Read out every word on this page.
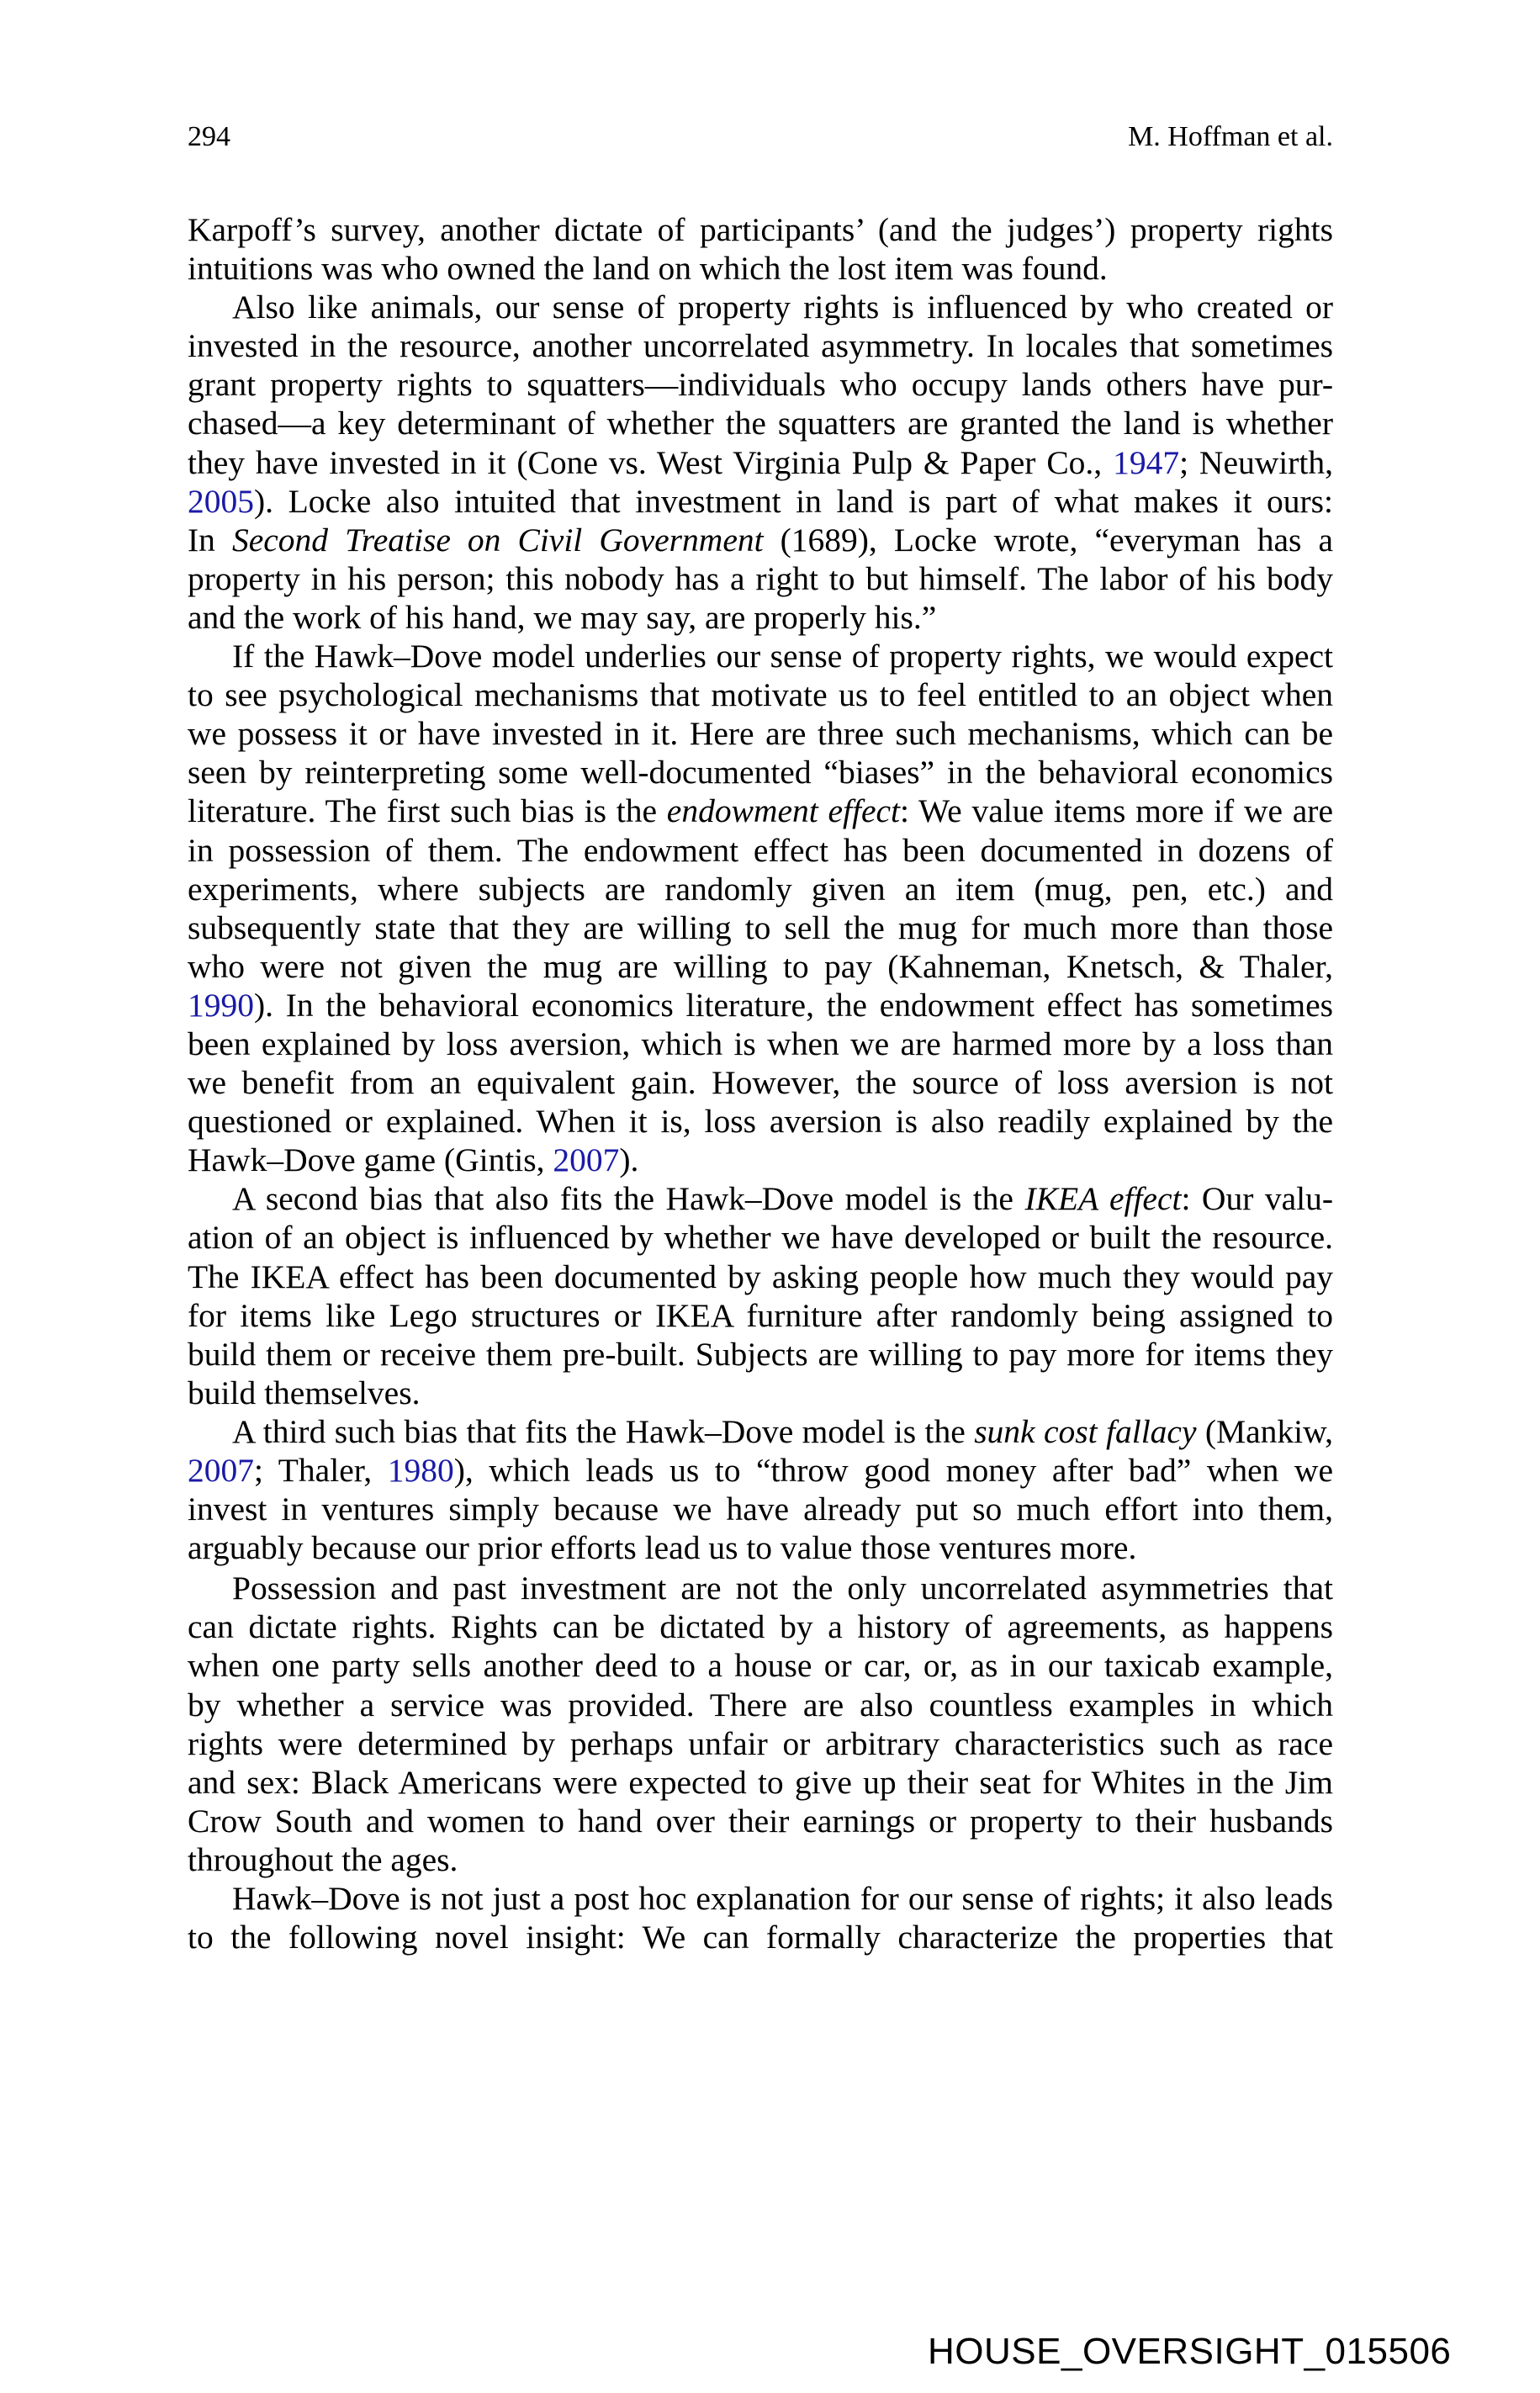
294	M. Hoffman et al.
Karpoff’s survey, another dictate of participants’ (and the judges’) property rights
intuitions was who owned the land on which the lost item was found.
Also like animals, our sense of property rights is influenced by who created or
invested in the resource, another uncorrelated asymmetry. In locales that sometimes
grant property rights to squatters—individuals who occupy lands others have pur-
chased—a key determinant of whether the squatters are granted the land is whether
they have invested in it (Cone vs. West Virginia Pulp & Paper Co., 1947; Neuwirth,
2005). Locke also intuited that investment in land is part of what makes it ours:
In Second Treatise on Civil Government (1689), Locke wrote, “everyman has a
property in his person; this nobody has a right to but himself. The labor of his body
and the work of his hand, we may say, are properly his.”
If the Hawk–Dove model underlies our sense of property rights, we would expect
to see psychological mechanisms that motivate us to feel entitled to an object when
we possess it or have invested in it. Here are three such mechanisms, which can be
seen by reinterpreting some well-documented “biases” in the behavioral economics
literature. The first such bias is the endowment effect: We value items more if we are
in possession of them. The endowment effect has been documented in dozens of
experiments, where subjects are randomly given an item (mug, pen, etc.) and
subsequently state that they are willing to sell the mug for much more than those
who were not given the mug are willing to pay (Kahneman, Knetsch, & Thaler,
1990). In the behavioral economics literature, the endowment effect has sometimes
been explained by loss aversion, which is when we are harmed more by a loss than
we benefit from an equivalent gain. However, the source of loss aversion is not
questioned or explained. When it is, loss aversion is also readily explained by the
Hawk–Dove game (Gintis, 2007).
A second bias that also fits the Hawk–Dove model is the IKEA effect: Our valu-
ation of an object is influenced by whether we have developed or built the resource.
The IKEA effect has been documented by asking people how much they would pay
for items like Lego structures or IKEA furniture after randomly being assigned to
build them or receive them pre-built. Subjects are willing to pay more for items they
build themselves.
A third such bias that fits the Hawk–Dove model is the sunk cost fallacy (Mankiw,
2007; Thaler, 1980), which leads us to “throw good money after bad” when we
invest in ventures simply because we have already put so much effort into them,
arguably because our prior efforts lead us to value those ventures more.
Possession and past investment are not the only uncorrelated asymmetries that
can dictate rights. Rights can be dictated by a history of agreements, as happens
when one party sells another deed to a house or car, or, as in our taxicab example,
by whether a service was provided. There are also countless examples in which
rights were determined by perhaps unfair or arbitrary characteristics such as race
and sex: Black Americans were expected to give up their seat for Whites in the Jim
Crow South and women to hand over their earnings or property to their husbands
throughout the ages.
Hawk–Dove is not just a post hoc explanation for our sense of rights; it also leads
to the following novel insight: We can formally characterize the properties that
HOUSE_OVERSIGHT_015506
